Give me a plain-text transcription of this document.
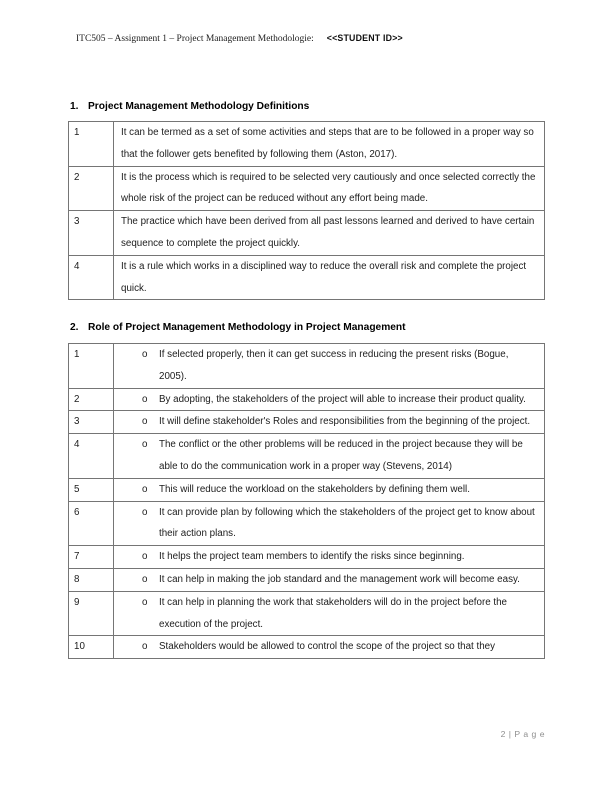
ITC505 – Assignment 1 – Project Management Methodologie: <<STUDENT ID>>
1. Project Management Methodology Definitions
1	It can be termed as a set of some activities and steps that are to be followed in a proper way so that the follower gets benefited by following them (Aston, 2017).
2	It is the process which is required to be selected very cautiously and once selected correctly the whole risk of the project can be reduced without any effort being made.
3	The practice which have been derived from all past lessons learned and derived to have certain sequence to complete the project quickly.
4	It is a rule which works in a disciplined way to reduce the overall risk and complete the project quick.
2. Role of Project Management Methodology in Project Management
1	o If selected properly, then it can get success in reducing the present risks (Bogue, 2005).

2	o By adopting, the stakeholders of the project will able to increase their product quality.

3	o It will define stakeholder's Roles and responsibilities from the beginning of the project.

4	o The conflict or the other problems will be reduced in the project because they will be able to do the communication work in a proper way (Stevens, 2014)

5	o This will reduce the workload on the stakeholders by defining them well.

6	o It can provide plan by following which the stakeholders of the project get to know about their action plans.

7	o It helps the project team members to identify the risks since beginning.

8	o It can help in making the job standard and the management work will become easy.

9	o It can help in planning the work that stakeholders will do in the project before the execution of the project.

10	o Stakeholders would be allowed to control the scope of the project so that they
2 | P a g e
